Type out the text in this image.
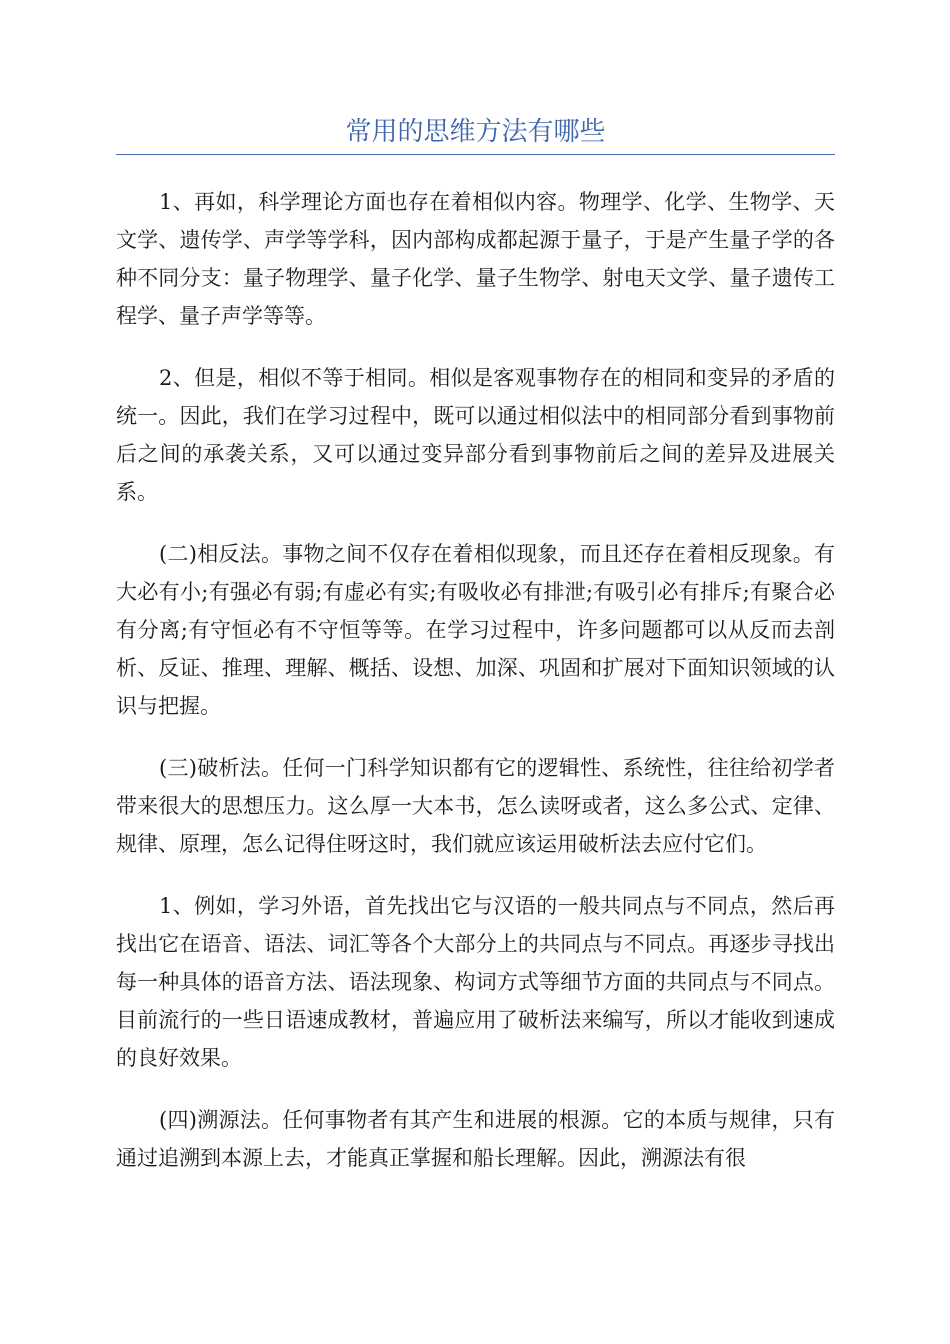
常用的思维方法有哪些

1、再如，科学理论方面也存在着相似内容。物理学、化学、生物学、天文学、遗传学、声学等学科，因内部构成都起源于量子，于是产生量子学的各种不同分支：量子物理学、量子化学、量子生物学、射电天文学、量子遗传工程学、量子声学等等。

2、但是，相似不等于相同。相似是客观事物存在的相同和变异的矛盾的统一。因此，我们在学习过程中，既可以通过相似法中的相同部分看到事物前后之间的承袭关系，又可以通过变异部分看到事物前后之间的差异及进展关系。

(二)相反法。事物之间不仅存在着相似现象，而且还存在着相反现象。有大必有小;有强必有弱;有虚必有实;有吸收必有排泄;有吸引必有排斥;有聚合必有分离;有守恒必有不守恒等等。在学习过程中，许多问题都可以从反而去剖析、反证、推理、理解、概括、设想、加深、巩固和扩展对下面知识领域的认识与把握。

(三)破析法。任何一门科学知识都有它的逻辑性、系统性，往往给初学者带来很大的思想压力。这么厚一大本书，怎么读呀或者，这么多公式、定律、规律、原理，怎么记得住呀这时，我们就应该运用破析法去应付它们。

1、例如，学习外语，首先找出它与汉语的一般共同点与不同点，然后再找出它在语音、语法、词汇等各个大部分上的共同点与不同点。再逐步寻找出每一种具体的语音方法、语法现象、构词方式等细节方面的共同点与不同点。目前流行的一些日语速成教材，普遍应用了破析法来编写，所以才能收到速成的良好效果。

(四)溯源法。任何事物者有其产生和进展的根源。它的本质与规律，只有通过追溯到本源上去，才能真正掌握和船长理解。因此，溯源法有很
